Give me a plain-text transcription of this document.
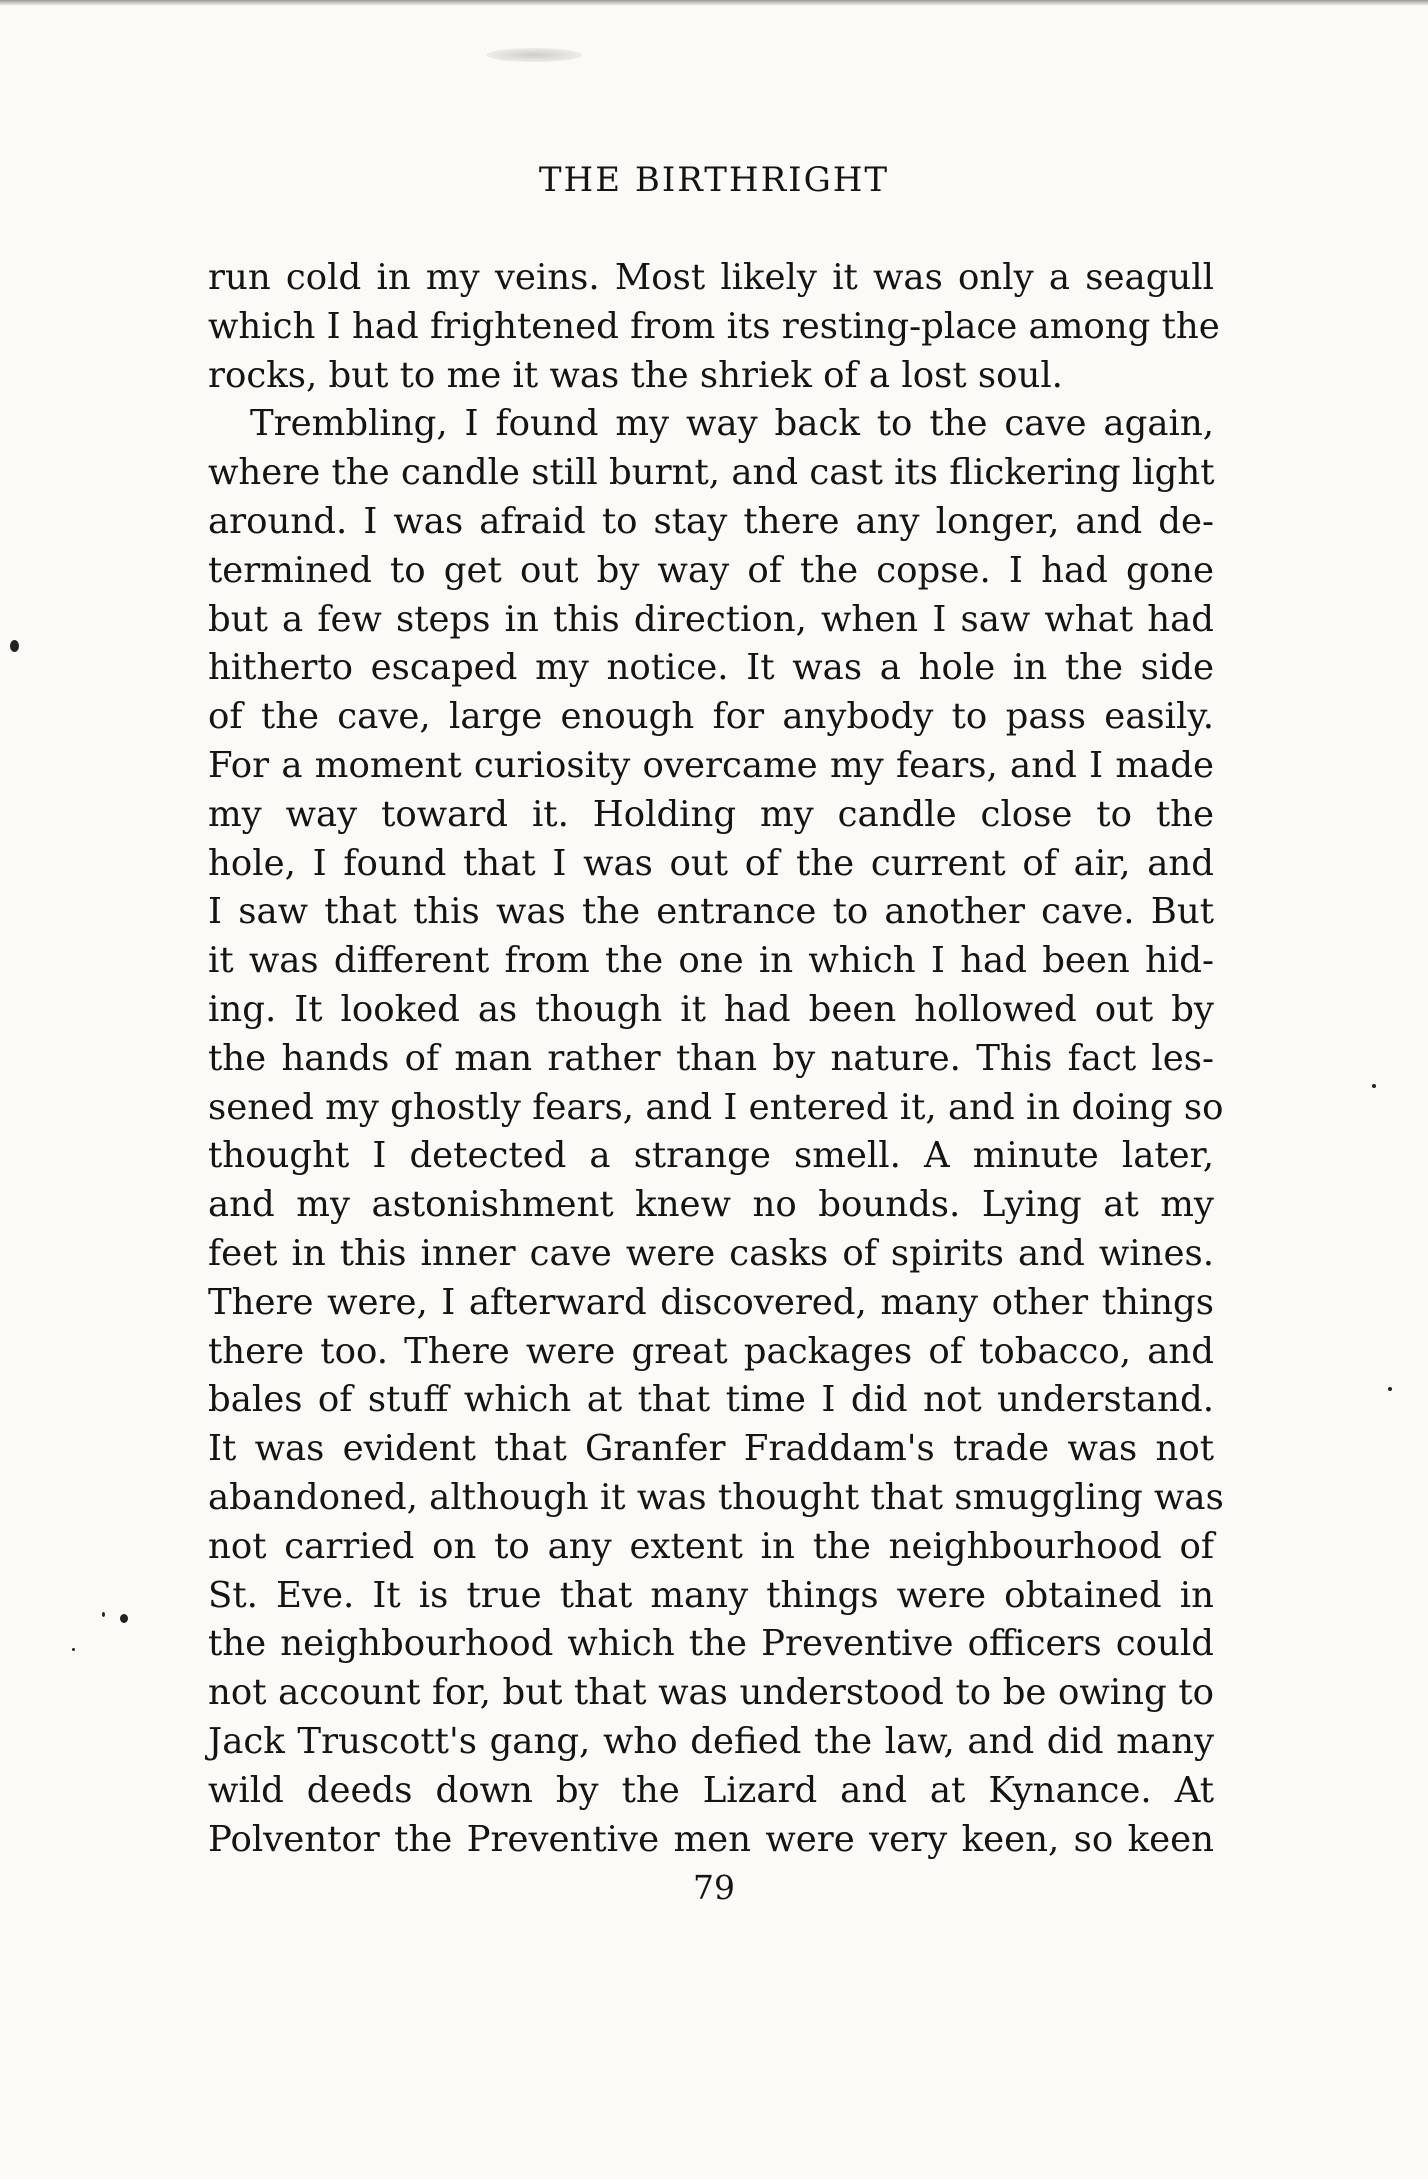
THE BIRTHRIGHT
run cold in my veins. Most likely it was only a seagull
which I had frightened from its resting-place among the
rocks, but to me it was the shriek of a lost soul.
Trembling, I found my way back to the cave again,
where the candle still burnt, and cast its flickering light
around. I was afraid to stay there any longer, and de-
termined to get out by way of the copse. I had gone
but a few steps in this direction, when I saw what had
hitherto escaped my notice. It was a hole in the side
of the cave, large enough for anybody to pass easily.
For a moment curiosity overcame my fears, and I made
my way toward it. Holding my candle close to the
hole, I found that I was out of the current of air, and
I saw that this was the entrance to another cave. But
it was different from the one in which I had been hid-
ing. It looked as though it had been hollowed out by
the hands of man rather than by nature. This fact les-
sened my ghostly fears, and I entered it, and in doing so
thought I detected a strange smell. A minute later,
and my astonishment knew no bounds. Lying at my
feet in this inner cave were casks of spirits and wines.
There were, I afterward discovered, many other things
there too. There were great packages of tobacco, and
bales of stuff which at that time I did not understand.
It was evident that Granfer Fraddam's trade was not
abandoned, although it was thought that smuggling was
not carried on to any extent in the neighbourhood of
St. Eve. It is true that many things were obtained in
the neighbourhood which the Preventive officers could
not account for, but that was understood to be owing to
Jack Truscott's gang, who defied the law, and did many
wild deeds down by the Lizard and at Kynance. At
Polventor the Preventive men were very keen, so keen
79
